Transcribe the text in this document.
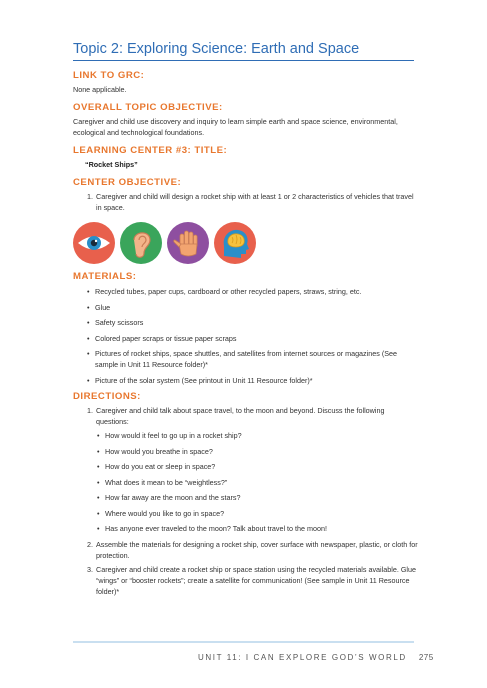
Topic 2: Exploring Science: Earth and Space
LINK TO GRC:
None applicable.
OVERALL TOPIC OBJECTIVE:
Caregiver and child use discovery and inquiry to learn simple earth and space science, environmental, ecological and technological foundations.
LEARNING CENTER #3: TITLE:
“Rocket Ships”
CENTER OBJECTIVE:
1. Caregiver and child will design a rocket ship with at least 1 or 2 characteristics of vehicles that travel in space.
MATERIALS:
• Recycled tubes, paper cups, cardboard or other recycled papers, straws, string, etc.
• Glue
• Safety scissors
• Colored paper scraps or tissue paper scraps
• Pictures of rocket ships, space shuttles, and satellites from internet sources or magazines (See sample in Unit 11 Resource folder)*
• Picture of the solar system (See printout in Unit 11 Resource folder)*
DIRECTIONS:
1. Caregiver and child talk about space travel, to the moon and beyond. Discuss the following questions:
• How would it feel to go up in a rocket ship?
• How would you breathe in space?
• How do you eat or sleep in space?
• What does it mean to be “weightless?”
• How far away are the moon and the stars?
• Where would you like to go in space?
• Has anyone ever traveled to the moon? Talk about travel to the moon!
2. Assemble the materials for designing a rocket ship, cover surface with newspaper, plastic, or cloth for protection.
3. Caregiver and child create a rocket ship or space station using the recycled materials available. Glue “wings” or “booster rockets”; create a satellite for communication! (See sample in Unit 11 Resource folder)*
UNIT 11: I CAN EXPLORE GOD’S WORLD 275
